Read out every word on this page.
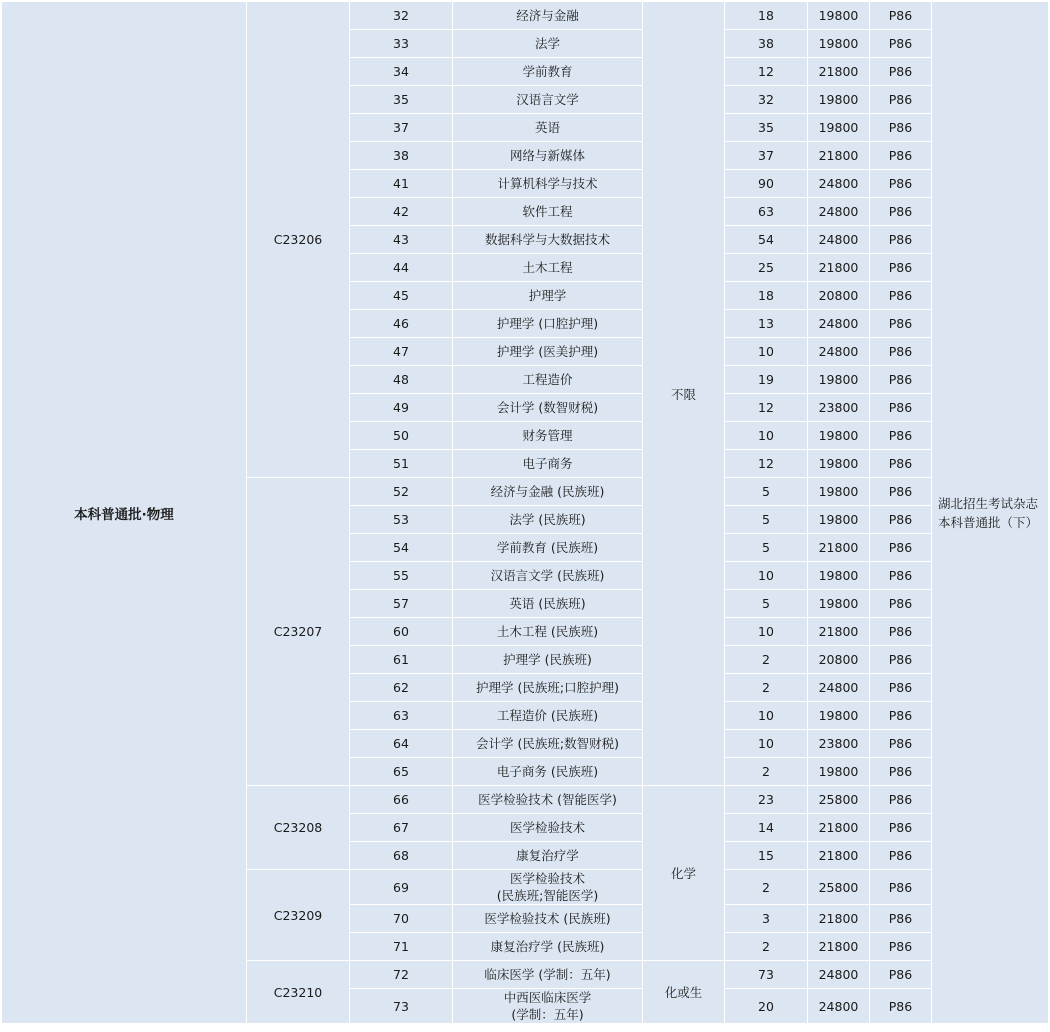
本科普通批·物理	C23206	32	经济与金融	不限	18	19800	P86	湖北招生考试杂志
本科普通批（下）

		33	法学		38	19800	P86	
		34	学前教育		12	21800	P86	
		35	汉语言文学		32	19800	P86	
		37	英语		35	19800	P86	
		38	网络与新媒体		37	21800	P86	
		41	计算机科学与技术		90	24800	P86	
		42	软件工程		63	24800	P86	
		43	数据科学与大数据技术		54	24800	P86	
		44	土木工程		25	21800	P86	
		45	护理学		18	20800	P86	
		46	护理学 (口腔护理)		13	24800	P86	
		47	护理学 (医美护理)		10	24800	P86	
		48	工程造价		19	19800	P86	
		49	会计学 (数智财税)		12	23800	P86	
		50	财务管理		10	19800	P86	
		51	电子商务		12	19800	P86	
	C23207	52	经济与金融 (民族班)		5	19800	P86	
		53	法学 (民族班)		5	19800	P86	
		54	学前教育 (民族班)		5	21800	P86	
		55	汉语言文学 (民族班)		10	19800	P86	
		57	英语 (民族班)		5	19800	P86	
		60	土木工程 (民族班)		10	21800	P86	
		61	护理学 (民族班)		2	20800	P86	
		62	护理学 (民族班;口腔护理)		2	24800	P86	
		63	工程造价 (民族班)		10	19800	P86	
		64	会计学 (民族班;数智财税)		10	23800	P86	
		65	电子商务 (民族班)		2	19800	P86	
	C23208	66	医学检验技术 (智能医学)	化学	23	25800	P86	
		67	医学检验技术		14	21800	P86	
		68	康复治疗学		15	21800	P86	
	C23209	69	医学检验技术
(民族班;智能医学)		2	25800	P86	
		70	医学检验技术 (民族班)		3	21800	P86	
		71	康复治疗学 (民族班)		2	21800	P86	
	C23210	72	临床医学 (学制：五年)	化或生	73	24800	P86	
		73	中西医临床医学
(学制：五年)		20	24800	P86	
